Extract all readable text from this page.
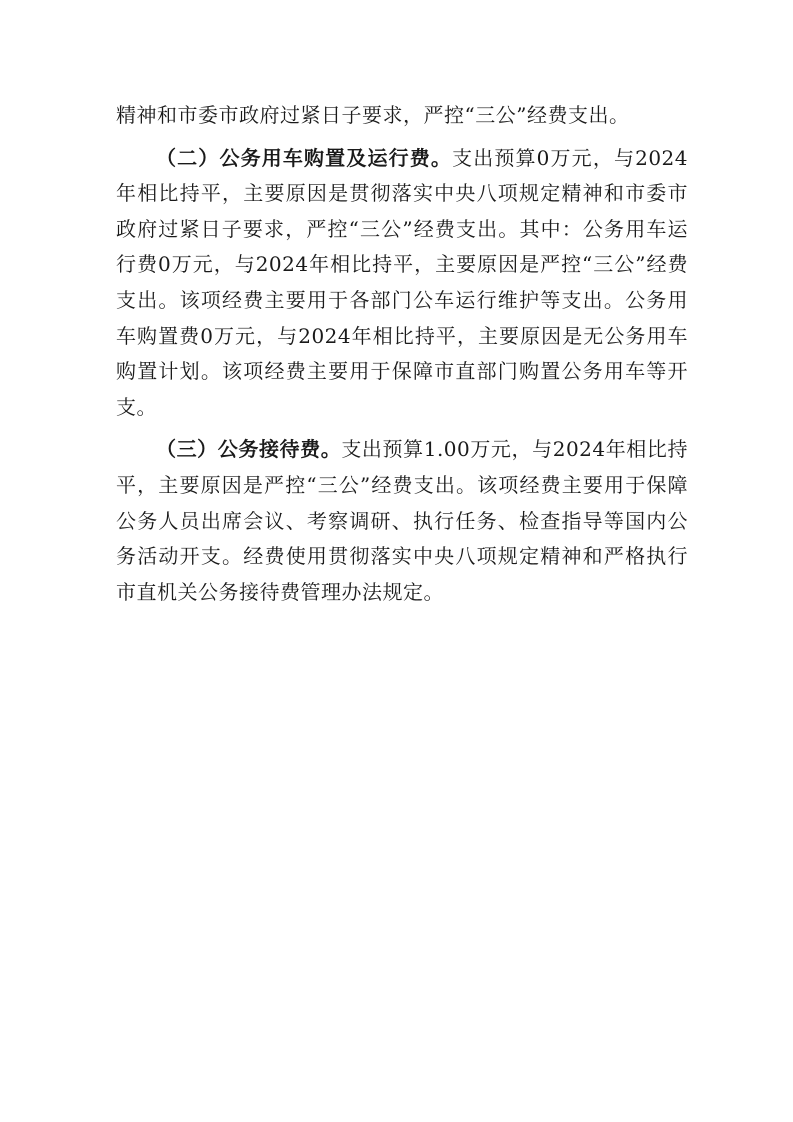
精神和市委市政府过紧日子要求，严控“三公”经费支出。

（二）公务用车购置及运行费。支出预算0万元，与2024年相比持平，主要原因是贯彻落实中央八项规定精神和市委市政府过紧日子要求，严控“三公”经费支出。其中：公务用车运行费0万元，与2024年相比持平，主要原因是严控“三公”经费支出。该项经费主要用于各部门公车运行维护等支出。公务用车购置费0万元，与2024年相比持平，主要原因是无公务用车购置计划。该项经费主要用于保障市直部门购置公务用车等开支。

（三）公务接待费。支出预算1.00万元，与2024年相比持平，主要原因是严控“三公”经费支出。该项经费主要用于保障公务人员出席会议、考察调研、执行任务、检查指导等国内公务活动开支。经费使用贯彻落实中央八项规定精神和严格执行市直机关公务接待费管理办法规定。
